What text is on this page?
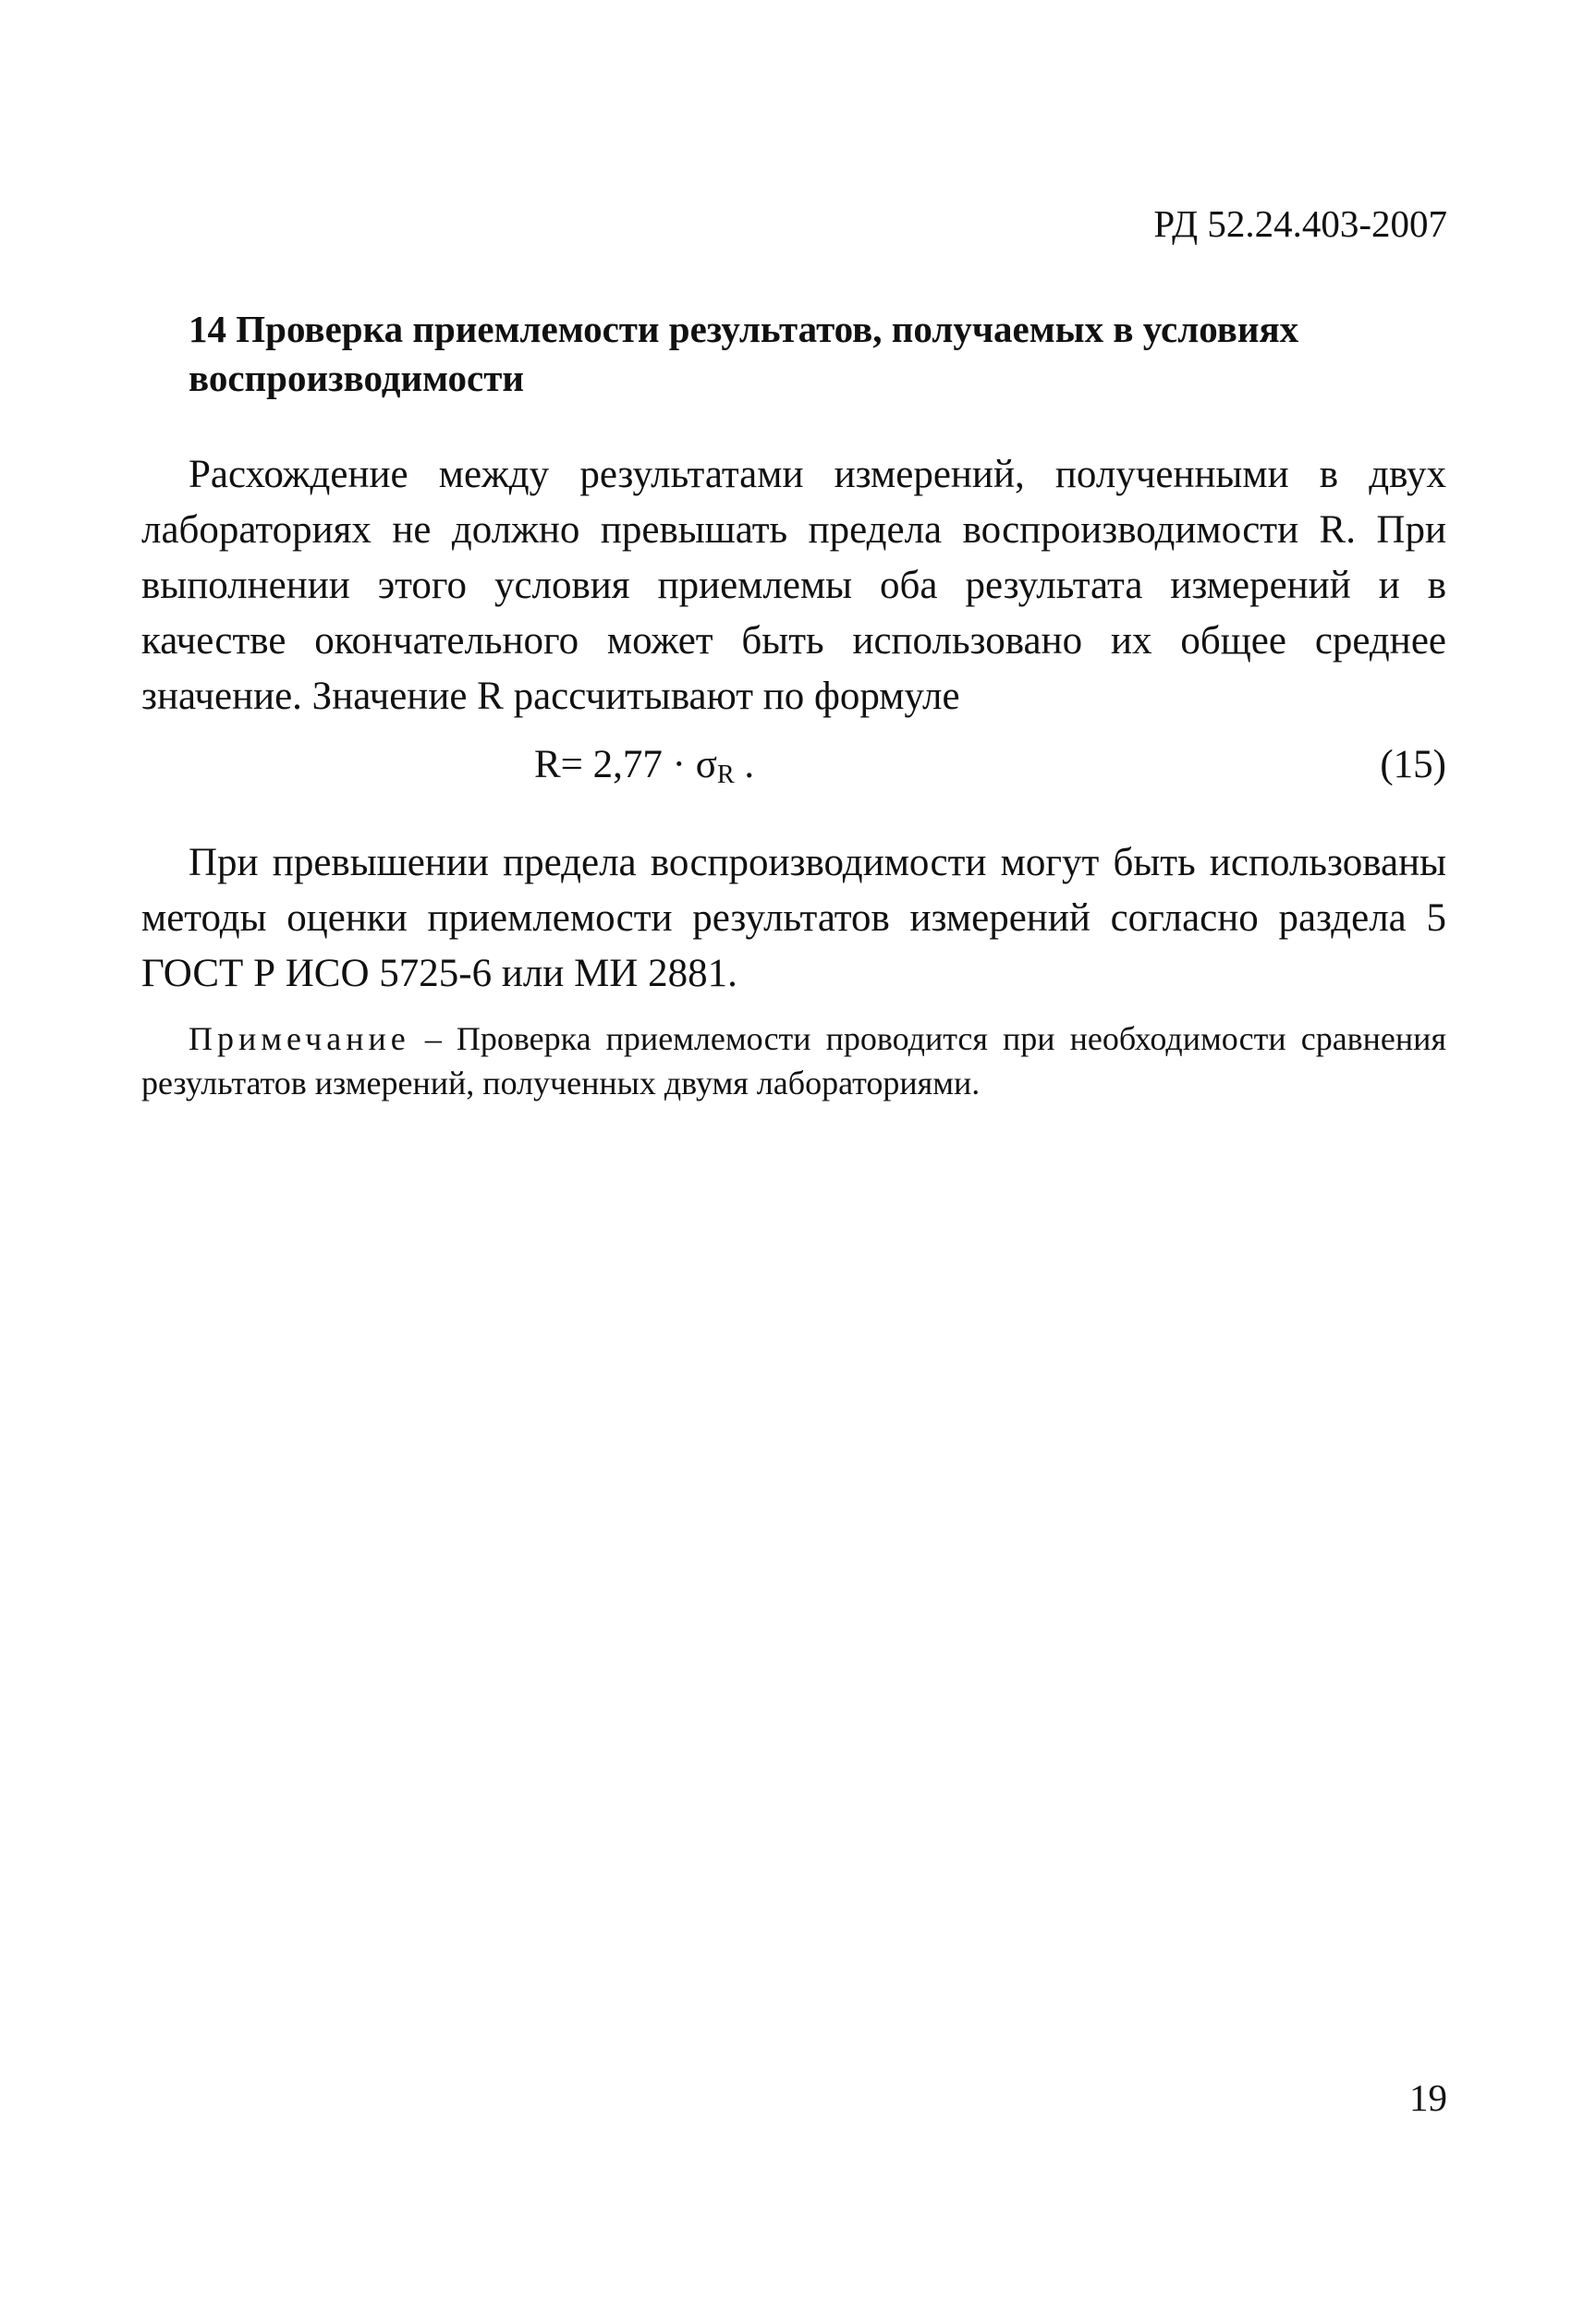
РД 52.24.403-2007
14 Проверка приемлемости результатов, получаемых в условиях воспроизводимости

Расхождение между результатами измерений, полученными в двух лабораториях не должно превышать предела воспроизводимости R. При выполнении этого условия приемлемы оба результата измерений и в качестве окончательного может быть использовано их общее среднее значение. Значение R рассчитывают по формуле

$R= 2,77 \cdot \sigma_R$ .	(15)

При превышении предела воспроизводимости могут быть использованы методы оценки приемлемости результатов измерений согласно раздела 5 ГОСТ Р ИСО 5725-6 или МИ 2881.

Примечание – Проверка приемлемости проводится при необходимости сравнения результатов измерений, полученных двумя лабораториями.

19
